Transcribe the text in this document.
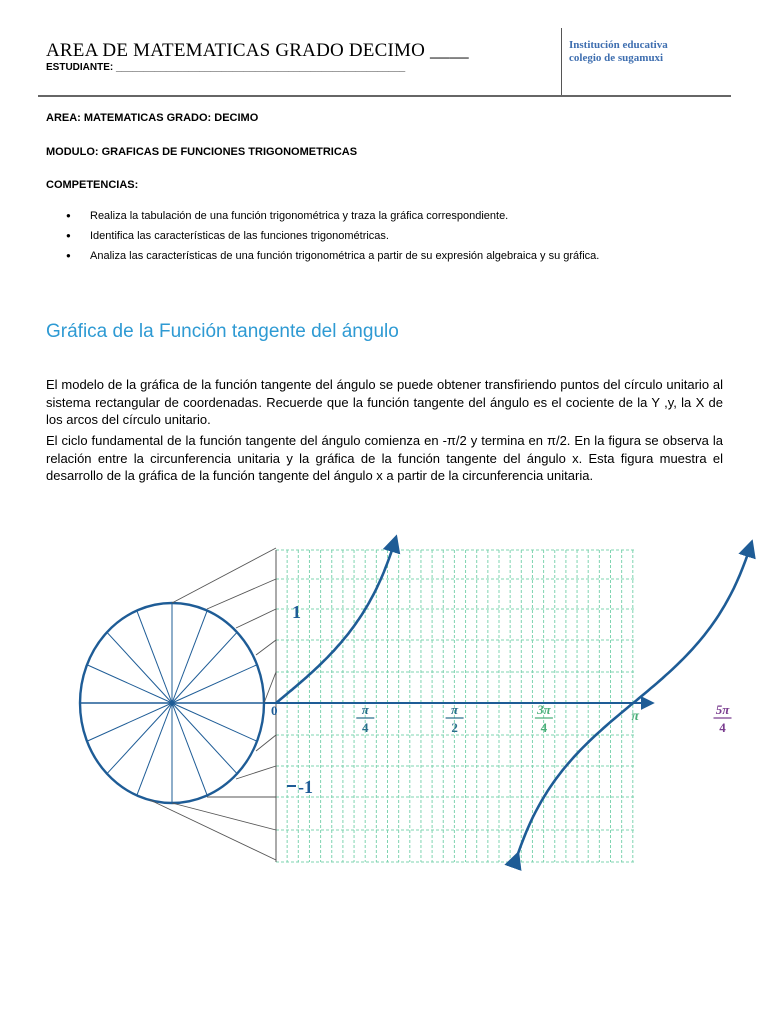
AREA DE MATEMATICAS GRADO DECIMO ____
ESTUDIANTE: ____________________________________________________
Institución educativa
colegio de sugamuxi
AREA: MATEMATICAS GRADO: DECIMO
MODULO: GRAFICAS DE FUNCIONES TRIGONOMETRICAS
COMPETENCIAS:
● Realiza la tabulación de una función trigonométrica y traza la gráfica correspondiente.
● Identifica las características de las funciones trigonométricas.
● Analiza las características de una función trigonométrica a partir de su expresión algebraica y su gráfica.
Gráfica de la Función tangente del ángulo
El modelo de la gráfica de la función tangente del ángulo se puede obtener transfiriendo puntos del círculo unitario al sistema rectangular de coordenadas. Recuerde que la función tangente del ángulo es el cociente de la Y ,y, la X de los arcos del círculo unitario.
El ciclo fundamental de la función tangente del ángulo comienza en -π/2 y termina en π/2. En la figura se observa la relación entre la circunferencia unitaria y la gráfica de la función tangente del ángulo x. Esta figura muestra el desarrollo de la gráfica de la función tangente del ángulo x a partir de la circunferencia unitaria.
0
1
-1
π
4
π
2
3π
4
π	5π
4
